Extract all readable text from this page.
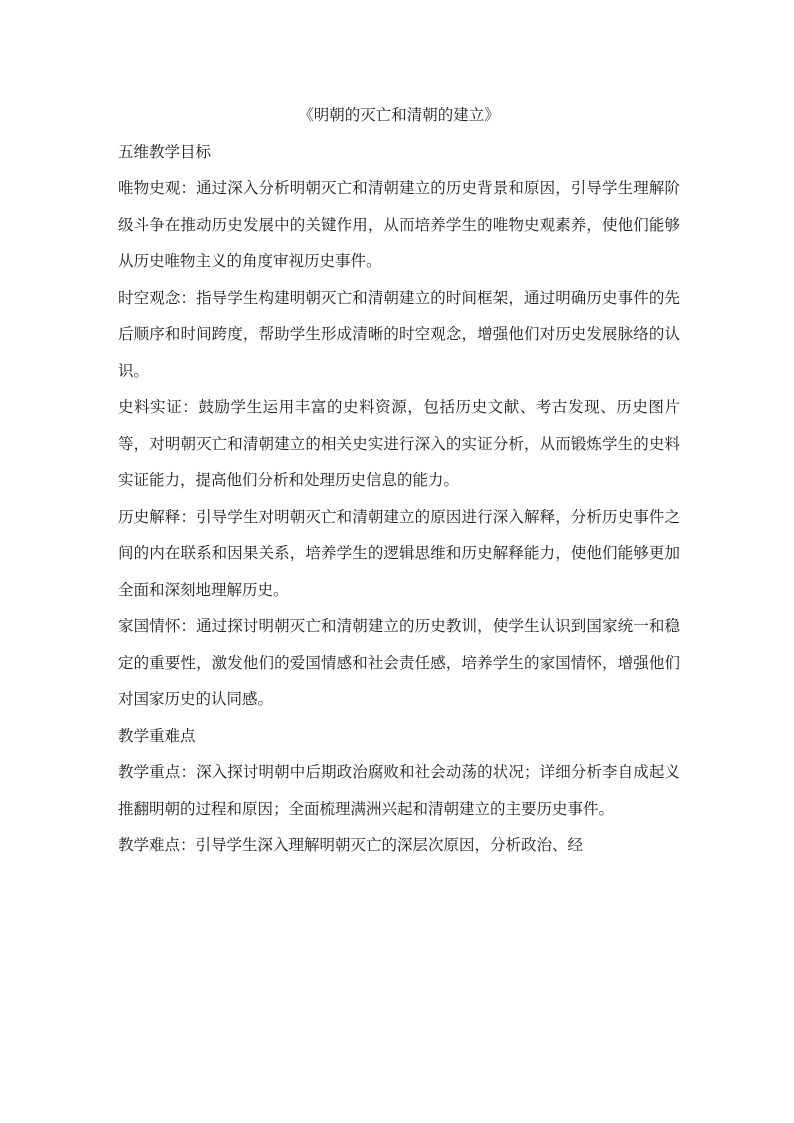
《明朝的灭亡和清朝的建立》

五维教学目标

唯物史观：通过深入分析明朝灭亡和清朝建立的历史背景和原因，引导学生理解阶级斗争在推动历史发展中的关键作用，从而培养学生的唯物史观素养，使他们能够从历史唯物主义的角度审视历史事件。

时空观念：指导学生构建明朝灭亡和清朝建立的时间框架，通过明确历史事件的先后顺序和时间跨度，帮助学生形成清晰的时空观念，增强他们对历史发展脉络的认识。

史料实证：鼓励学生运用丰富的史料资源，包括历史文献、考古发现、历史图片等，对明朝灭亡和清朝建立的相关史实进行深入的实证分析，从而锻炼学生的史料实证能力，提高他们分析和处理历史信息的能力。

历史解释：引导学生对明朝灭亡和清朝建立的原因进行深入解释，分析历史事件之间的内在联系和因果关系，培养学生的逻辑思维和历史解释能力，使他们能够更加全面和深刻地理解历史。

家国情怀：通过探讨明朝灭亡和清朝建立的历史教训，使学生认识到国家统一和稳定的重要性，激发他们的爱国情感和社会责任感，培养学生的家国情怀，增强他们对国家历史的认同感。

教学重难点

教学重点：深入探讨明朝中后期政治腐败和社会动荡的状况；详细分析李自成起义推翻明朝的过程和原因；全面梳理满洲兴起和清朝建立的主要历史事件。

教学难点：引导学生深入理解明朝灭亡的深层次原因，分析政治、经
